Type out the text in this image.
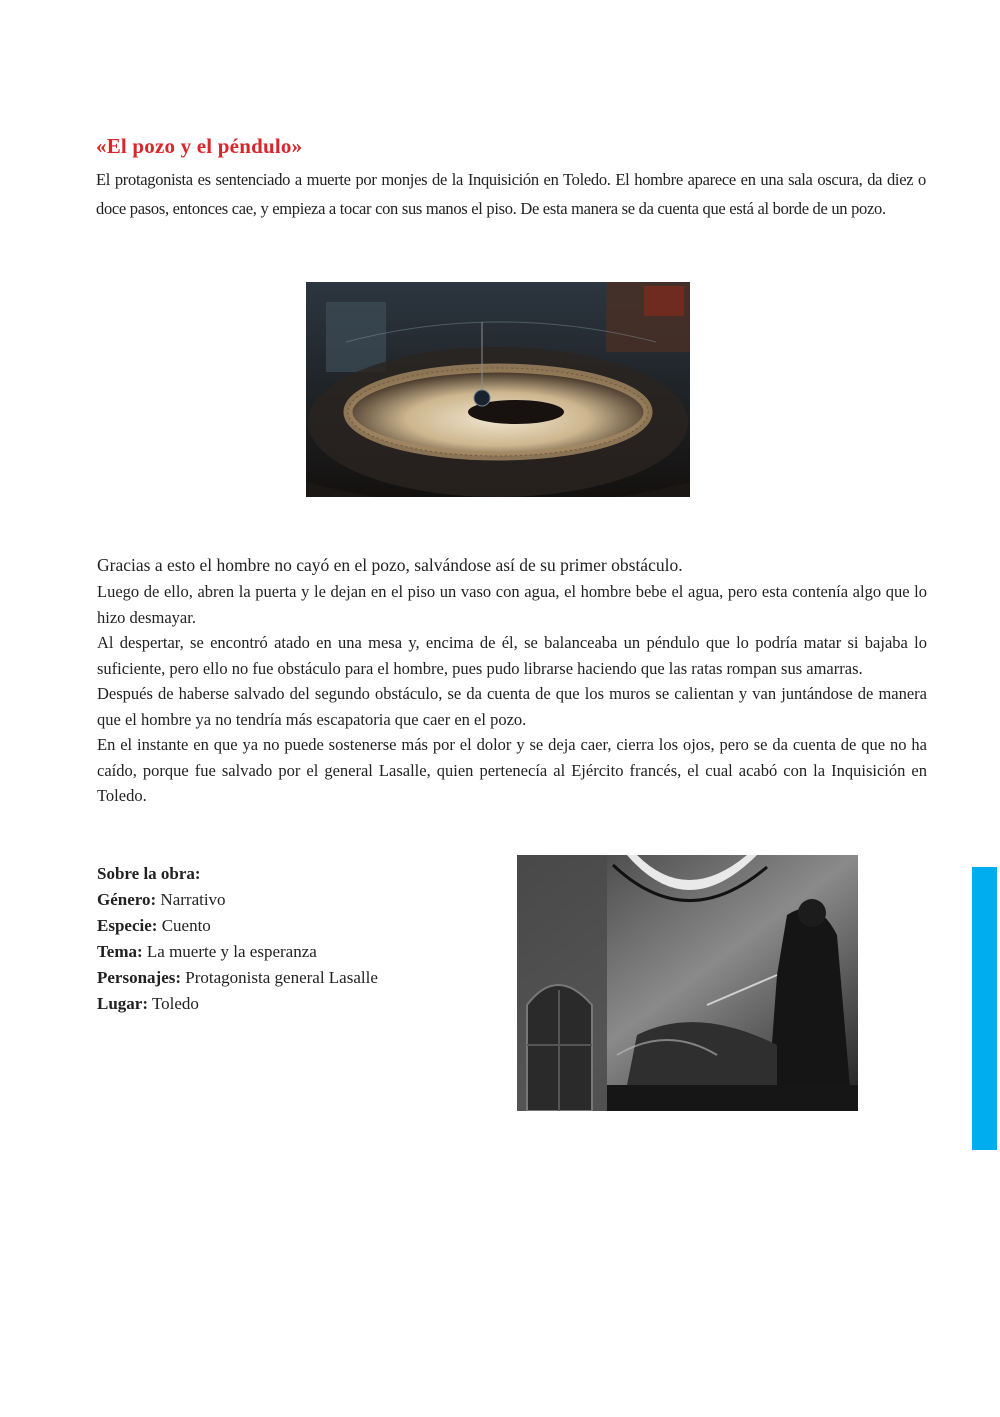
«El pozo y el péndulo»

El protagonista es sentenciado a muerte por monjes de la Inquisición en Toledo. El hombre aparece en una sala oscura, da diez o doce pasos, entonces cae, y empieza a tocar con sus manos el piso. De esta manera se da cuenta que está al borde de un pozo.

Gracias a esto el hombre no cayó en el pozo, salvándose así de su primer obstáculo.

Luego de ello, abren la puerta y le dejan en el piso un vaso con agua, el hombre bebe el agua, pero esta contenía algo que lo hizo desmayar.

Al despertar, se encontró atado en una mesa y, encima de él, se balanceaba un péndulo que lo podría matar si bajaba lo suficiente, pero ello no fue obstáculo para el hombre, pues pudo librarse haciendo que las ratas rompan sus amarras.

Después de haberse salvado del segundo obstáculo, se da cuenta de que los muros se calientan y van juntándose de manera que el hombre ya no tendría más escapatoria que caer en el pozo.

En el instante en que ya no puede sostenerse más por el dolor y se deja caer, cierra los ojos, pero se da cuenta de que no ha caído, porque fue salvado por el general Lasalle, quien pertenecía al Ejército francés, el cual acabó con la Inquisición en Toledo.

Sobre la obra:
Género: Narrativo
Especie: Cuento
Tema: La muerte y la esperanza
Personajes: Protagonista general Lasalle
Lugar: Toledo
